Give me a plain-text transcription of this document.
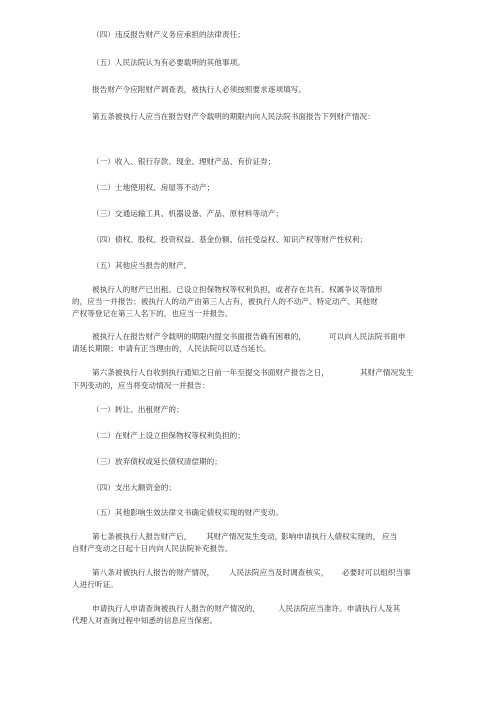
（四）违反报告财产义务应承担的法律责任；
（五）人民法院认为有必要载明的其他事项。
报告财产令应附财产调查表，被执行人必须按照要求逐项填写。
第五条被执行人应当在报告财产令载明的期限内向人民法院书面报告下列财产情况：
（一）收入、银行存款、现金、理财产品、有价证券；
（二）土地使用权、房屋等不动产；
（三）交通运输工具、机器设备、产品、原材料等动产；
（四）债权、股权、投资权益、基金份额、信托受益权、知识产权等财产性权利；
（五）其他应当报告的财产。
被执行人的财产已出租、已设立担保物权等权利负担，或者存在共有、权属争议等情形
的，应当一并报告；被执行人的动产由第三人占有，被执行人的不动产、特定动产、其他财
产权等登记在第三人名下的，也应当一并报告。
被执行人在报告财产令载明的期限内提交书面报告确有困难的，	可以向人民法院书面申
请延长期限；申请有正当理由的，人民法院可以适当延长。
第六条被执行人自收到执行通知之日前一年至提交书面财产报告之日，	其财产情况发生
下列变动的，应当将变动情况一并报告：
（一）转让、出租财产的；
（二）在财产上设立担保物权等权利负担的；
（三）放弃债权或延长债权清偿期的；
（四）支出大额资金的；
（五）其他影响生效法律文书确定债权实现的财产变动。
第七条被执行人报告财产后， 其财产情况发生变动，
影响申请执行人债权实现的， 应当
自财产变动之日起十日内向人民法院补充报告。
第八条对被执行人报告的财产情况， 人民法院应当及时调查核实， 必要时可以组织当事
人进行听证。
申请执行人申请查询被执行人报告的财产情况的， 人民法院应当准许。申请执行人及其
代理人对查询过程中知悉的信息应当保密。
